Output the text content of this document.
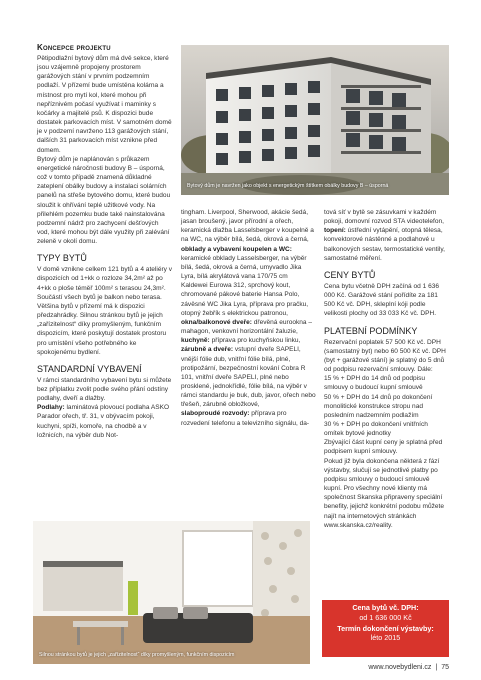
Koncepce projektu

Pětipodlažní bytový dům má dvě sekce, které jsou vzájemně propojeny prostorem garážových stání v prvním podzemním podlaží. V přízemí bude umístěna kolárna a místnost pro mytí kol, které mohou při nepříznivém počasí využívat i maminky s kočárky a majitelé psů. K dispozici bude dostatek parkovacích míst. V samotném domě je v podzemí navrženo 113 garážových stání, dalších 31 parkovacích míst vznikne před domem.

Bytový dům je naplánován s průkazem energetické náročnosti budovy B – úsporná, což v tomto případě znamená důkladné zateplení obálky budovy a instalaci solárních panelů na střeše bytového domu, které budou sloužit k ohřívání teplé užitkové vody. Na přilehlém pozemku bude také nainstalována podzemní nádrž pro zachycení dešťových vod, které mohou být dále využity při zalévání zeleně v okolí domu.

TYPY BYTŮ

V domě vznikne celkem 121 bytů a 4 ateliéry v dispozicích od 1+kk o rozloze 34,2m² až po 4+kk o ploše téměř 100m² s terasou 24,3m². Součástí všech bytů je balkon nebo terasa. Většina bytů v přízemí má k dispozici předzahrádky. Silnou stránkou bytů je jejich „zařízitelnost“ díky promyšleným, funkčním dispozicím, které poskytují dostatek prostoru pro umístění všeho potřebného ke spokojenému bydlení.

STANDARDNÍ VYBAVENÍ

V rámci standardního vybavení bytu si můžete bez příplatku zvolit podle svého přání odstíny podlahy, dveří a dlažby.

Podlahy: laminátová plovoucí podlaha ASKO Parador ořech, tř. 31, v obývacím pokoji, kuchyni, spíži, komoře, na chodbě a v ložnicích, na výběr dub Not-

Bytový dům je navržen jako objekt s energetickým štítkem obálky budovy B – úsporná

tingham. Liverpool, Sherwood, akácie šedá, jasan broušený, javor přírodní a ořech, keramická dlažba Lasselsberger v koupelně a na WC, na výběr bílá, šedá, okrová a černá,

obklady a vybavení koupelen a WC: keramické obklady Lasselsberger, na výběr bílá, šedá, okrová a černá, umyvadlo Jika Lyra, bílá akrylátová vana 170/75 cm Kaldewei Eurowa 312, sprchový kout, chromované pákové baterie Hansa Polo, závěsné WC Jika Lyra, příprava pro pračku, otopný žebřík s elektrickou patronou,

okna/balkonové dveře: dřevěná eurookna – mahagon, venkovní horizontální žaluzie,

kuchyně: příprava pro kuchyňskou linku,

zárubně a dveře: vstupní dveře SAPELI, vnější fólie dub, vnitřní fólie bílá, plné, protipožární, bezpečnostní kování Cobra R 101, vnitřní dveře SAPELI, plné nebo prosklené, jednokřídlé, fólie bílá, na výběr v rámci standardu je buk, dub, javor, ořech nebo třešeň, zárubně obložkové,

slaboproudé rozvody: příprava pro rozvedení telefonu a televizního signálu, da-

tová síť v bytě se zásuvkami v každém pokoji, domovní rozvod STA videotelefon,

topení: ústřední vytápění, otopná tělesa, konvektorové nástěnné a podlahové u balkonových sestav, termostatické ventily, samostatné měření.

CENY BYTŮ

Cena bytu včetně DPH začíná od 1 636 000 Kč. Garážové stání pořídíte za 181 500 Kč vč. DPH, skleplní kóji podle velikosti plochy od 33 033 Kč vč. DPH.

PLATEBNÍ PODMÍNKY

Rezervační poplatek 57 500 Kč vč. DPH (samostatný byt) nebo 60 500 Kč vč. DPH (byt + garážové stání) je splatný do 5 dnů od podpisu rezervační smlouvy. Dále:

15 % + DPH do 14 dnů od podpisu smlouvy o budoucí kupní smlouvě

50 % + DPH do 14 dnů po dokončení monolitické konstrukce stropu nad posledním nadzemním podlažím

30 % + DPH po dokončení vnitřních omítek bytové jednotky

Zbývající část kupní ceny je splatná před podpisem kupní smlouvy.

Pokud již byla dokončena některá z fází výstavby, slučují se jednotlivé platby po podpisu smlouvy o budoucí smlouvě kupní. Pro všechny nové klienty má společnost Skanska připraveny speciální benefity, jejichž konkrétní podobu můžete najít na internetových stránkách www.skanska.cz/reality.

Silnou stránkou bytů je jejich „zařízitelnost“ díky promyšleným, funkčním dispozicím
Cena bytů vč. DPH:
od 1 636 000 Kč
Termín dokončení výstavby:
léto 2015
www.novebydleni.cz | 75
